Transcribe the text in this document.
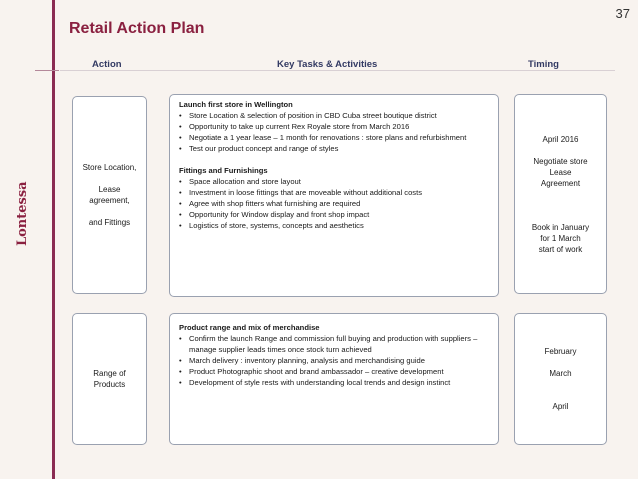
37
Retail Action Plan
Lontessa
Action	Key Tasks & Activities	Timing
Store Location,
Lease
agreement,
and Fittings
Launch first store in Wellington
• Store Location & selection of position in CBD Cuba street boutique district
• Opportunity to take up current Rex Royale store from March 2016
• Negotiate a 1 year lease – 1 month for renovations : store plans and refurbishment
• Test our product concept and range of styles
Fittings and Furnishings
• Space allocation and store layout
• Investment in loose fittings that are moveable without additional costs
• Agree with shop fitters what furnishing are required
• Opportunity for Window display and front shop impact
• Logistics of store, systems, concepts and aesthetics
April 2016
Negotiate store
Lease
Agreement
Book in January
for 1 March
start of work
Range of
Products
Product range and mix of merchandise
• Confirm the launch Range and commission full buying and production with suppliers – manage supplier leads times once stock turn achieved
• March delivery : inventory planning, analysis and merchandising guide
• Product Photographic shoot and brand ambassador – creative development
• Development of style rests with understanding local trends and design instinct
February
March
April
